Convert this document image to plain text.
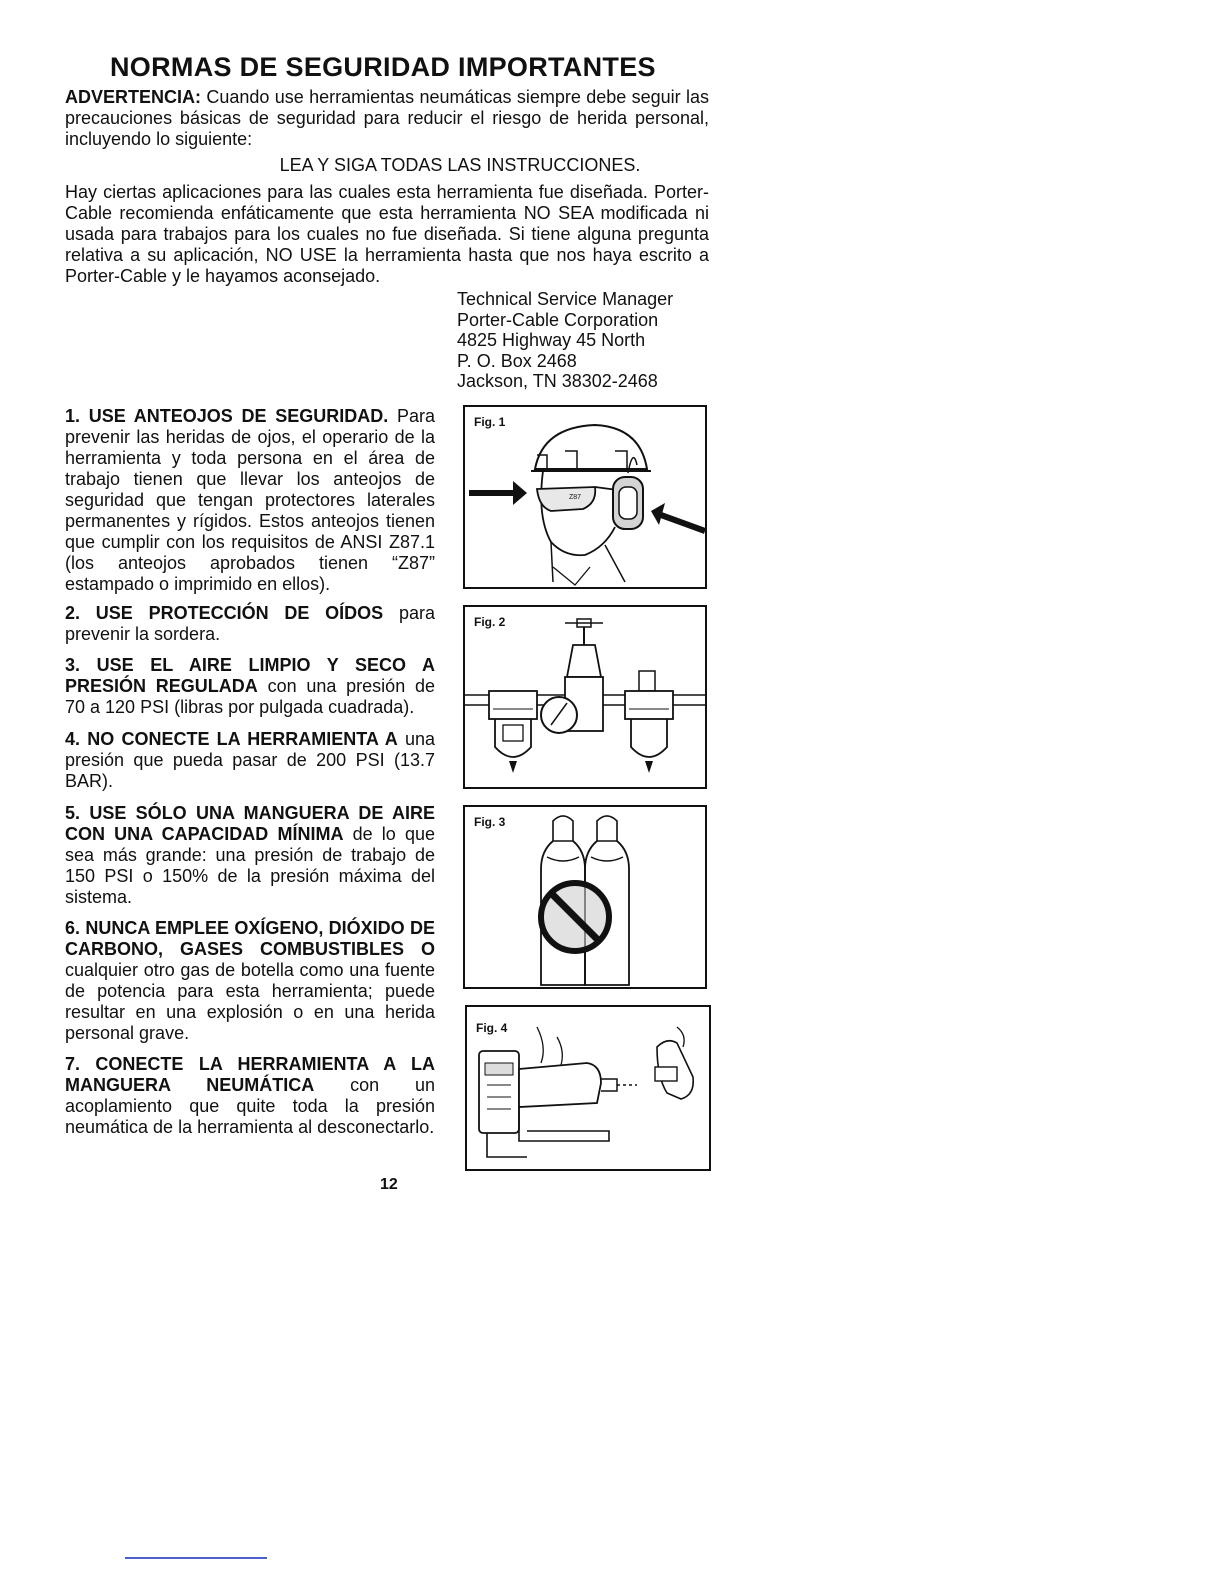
NORMAS DE SEGURIDAD IMPORTANTES

ADVERTENCIA: Cuando use herramientas neumáticas siempre debe seguir las precauciones básicas de seguridad para reducir el riesgo de herida personal, incluyendo lo siguiente:

LEA Y SIGA TODAS LAS INSTRUCCIONES.

Hay ciertas aplicaciones para las cuales esta herramienta fue diseñada. Porter-Cable recomienda enfáticamente que esta herramienta NO SEA modificada ni usada para trabajos para los cuales no fue diseñada. Si tiene alguna pregunta relativa a su aplicación, NO USE la herramienta hasta que nos haya escrito a Porter-Cable y le hayamos aconsejado.

Technical Service Manager
Porter-Cable Corporation
4825 Highway 45 North
P. O. Box 2468
Jackson, TN 38302-2468

1. USE ANTEOJOS DE SEGURIDAD. Para prevenir las heridas de ojos, el operario de la herramienta y toda persona en el área de trabajo tienen que llevar los anteojos de seguridad que tengan protectores laterales permanentes y rígidos. Estos anteojos tienen que cumplir con los requisitos de ANSI Z87.1 (los anteojos aprobados tienen “Z87” estampado o imprimido en ellos).

2. USE PROTECCIÓN DE OÍDOS para prevenir la sordera.

3. USE EL AIRE LIMPIO Y SECO A PRESIÓN REGULADA con una presión de 70 a 120 PSI (libras por pulgada cuadrada).

4. NO CONECTE LA HERRAMIENTA A una presión que pueda pasar de 200 PSI (13.7 BAR).

5. USE SÓLO UNA MANGUERA DE AIRE CON UNA CAPACIDAD MÍNIMA de lo que sea más grande: una presión de trabajo de 150 PSI o 150% de la presión máxima del sistema.

6. NUNCA EMPLEE OXÍGENO, DIÓXIDO DE CARBONO, GASES COMBUSTIBLES O cualquier otro gas de botella como una fuente de potencia para esta herramienta; puede resultar en una explosión o en una herida personal grave.

7. CONECTE LA HERRAMIENTA A LA MANGUERA NEUMÁTICA con un acoplamiento que quite toda la presión neumática de la herramienta al desconectarlo.

Z87
Fig. 1
Fig. 2
Fig. 3
Fig. 4
12
